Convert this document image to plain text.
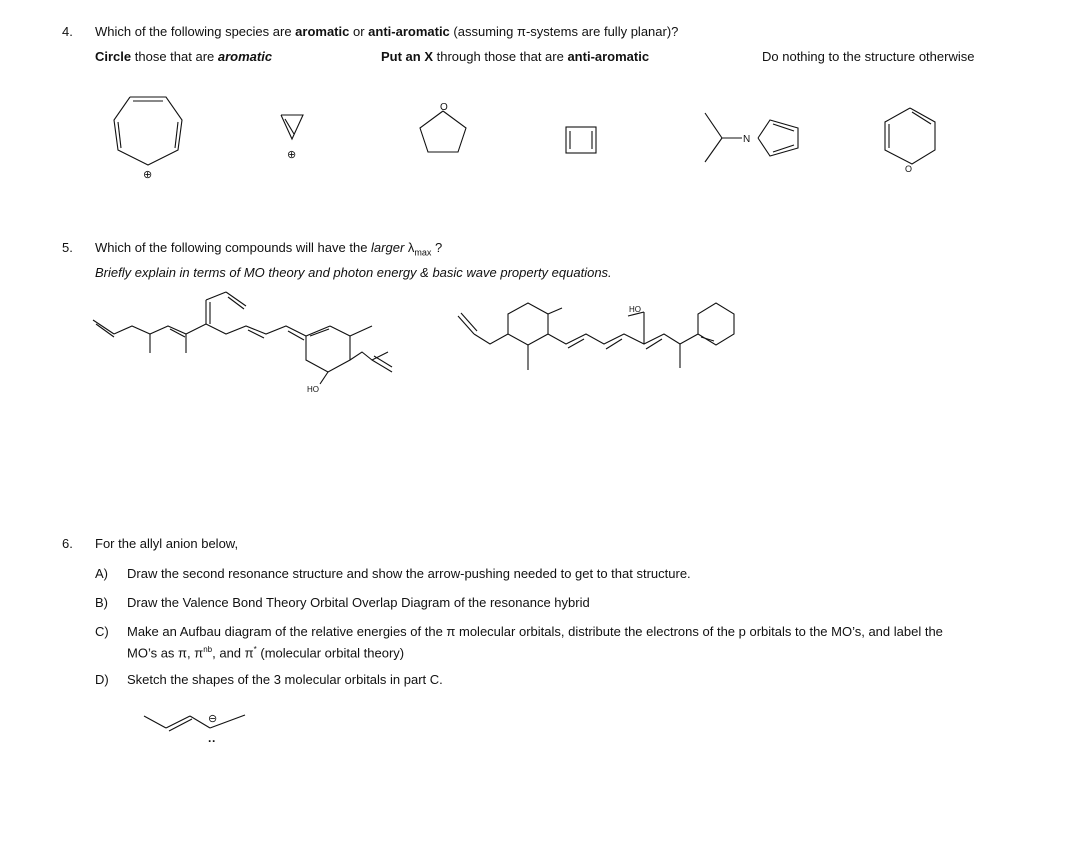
4. Which of the following species are aromatic or anti-aromatic (assuming π-systems are fully planar)?
Circle those that are aromatic	Put an X through those that are anti-aromatic	Do nothing to the structure otherwise
5. Which of the following compounds will have the larger $\lambda_{max}$ ?
Briefly explain in terms of MO theory and photon energy & basic wave property equations.
6. For the allyl anion below,
A) Draw the second resonance structure and show the arrow-pushing needed to get to that structure.
B) Draw the Valence Bond Theory Orbital Overlap Diagram of the resonance hybrid
C) Make an Aufbau diagram of the relative energies of the π molecular orbitals, distribute the electrons of the p orbitals to the MO’s, and label the
MO’s as π, $\pi^{nb}$, and π* (molecular orbital theory)
D) Sketch the shapes of the 3 molecular orbitals in part C.
⊕
⊕
O
N
O
HO
HO
⊖
··
